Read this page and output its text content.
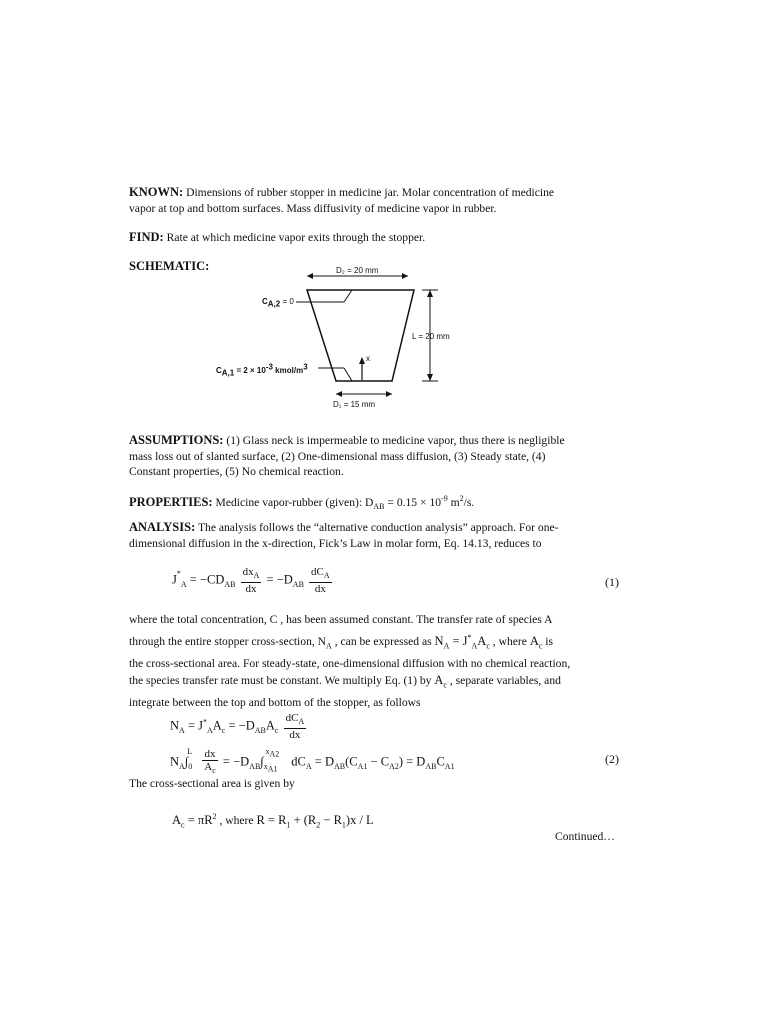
KNOWN: Dimensions of rubber stopper in medicine jar. Molar concentration of medicine
vapor at top and bottom surfaces. Mass diffusivity of medicine vapor in rubber.

FIND: Rate at which medicine vapor exits through the stopper.

SCHEMATIC:	D₂ = 20 mm
$C_{A,2} = 0$
L = 20 mm
$C_{A,1} = 2 \times 10^{-3}$ kmol/$m^3$
x
D₁ = 15 mm

ASSUMPTIONS: (1) Glass neck is impermeable to medicine vapor, thus there is negligible
mass loss out of slanted surface, (2) One-dimensional mass diffusion, (3) Steady state, (4)
Constant properties, (5) No chemical reaction.

PROPERTIES: Medicine vapor-rubber (given): $D_{AB} = 0.15 \times 10^{-9}$ $m^2/s$.

ANALYSIS: The analysis follows the “alternative conduction analysis” approach. For one-
dimensional diffusion in the x-direction, Fick’s Law in molar form, Eq. 14.13, reduces to

$J^*_A = -CD_{AB} \frac{dx_A}{dx} = -D_{AB} \frac{dC_A}{dx}$	(1)

where the total concentration, C , has been assumed constant. The transfer rate of species A
through the entire stopper cross-section, $N_A$ , can be expressed as $N_A = J^*_AA_c$ , where $A_c$ is
the cross-sectional area. For steady-state, one-dimensional diffusion with no chemical reaction,
the species transfer rate must be constant. We multiply Eq. (1) by $A_c$ , separate variables, and
integrate between the top and bottom of the stopper, as follows

$N_A = J^*_AA_c = -D_{AB}A_c \frac{dC_A}{dx}$
$N_A\int_0^L \frac{dx}{A_c} = -D_{AB}\int_{x_{A1}}^{x_{A2}}dC_A = D_{AB}(C_{A1} - C_{A2}) = D_{AB}C_{A1}$
(2)

The cross-sectional area is given by

$A_c = \pi R^2$ , where $R = R_1 + (R_2 - R_1)x / L$
Continued…
